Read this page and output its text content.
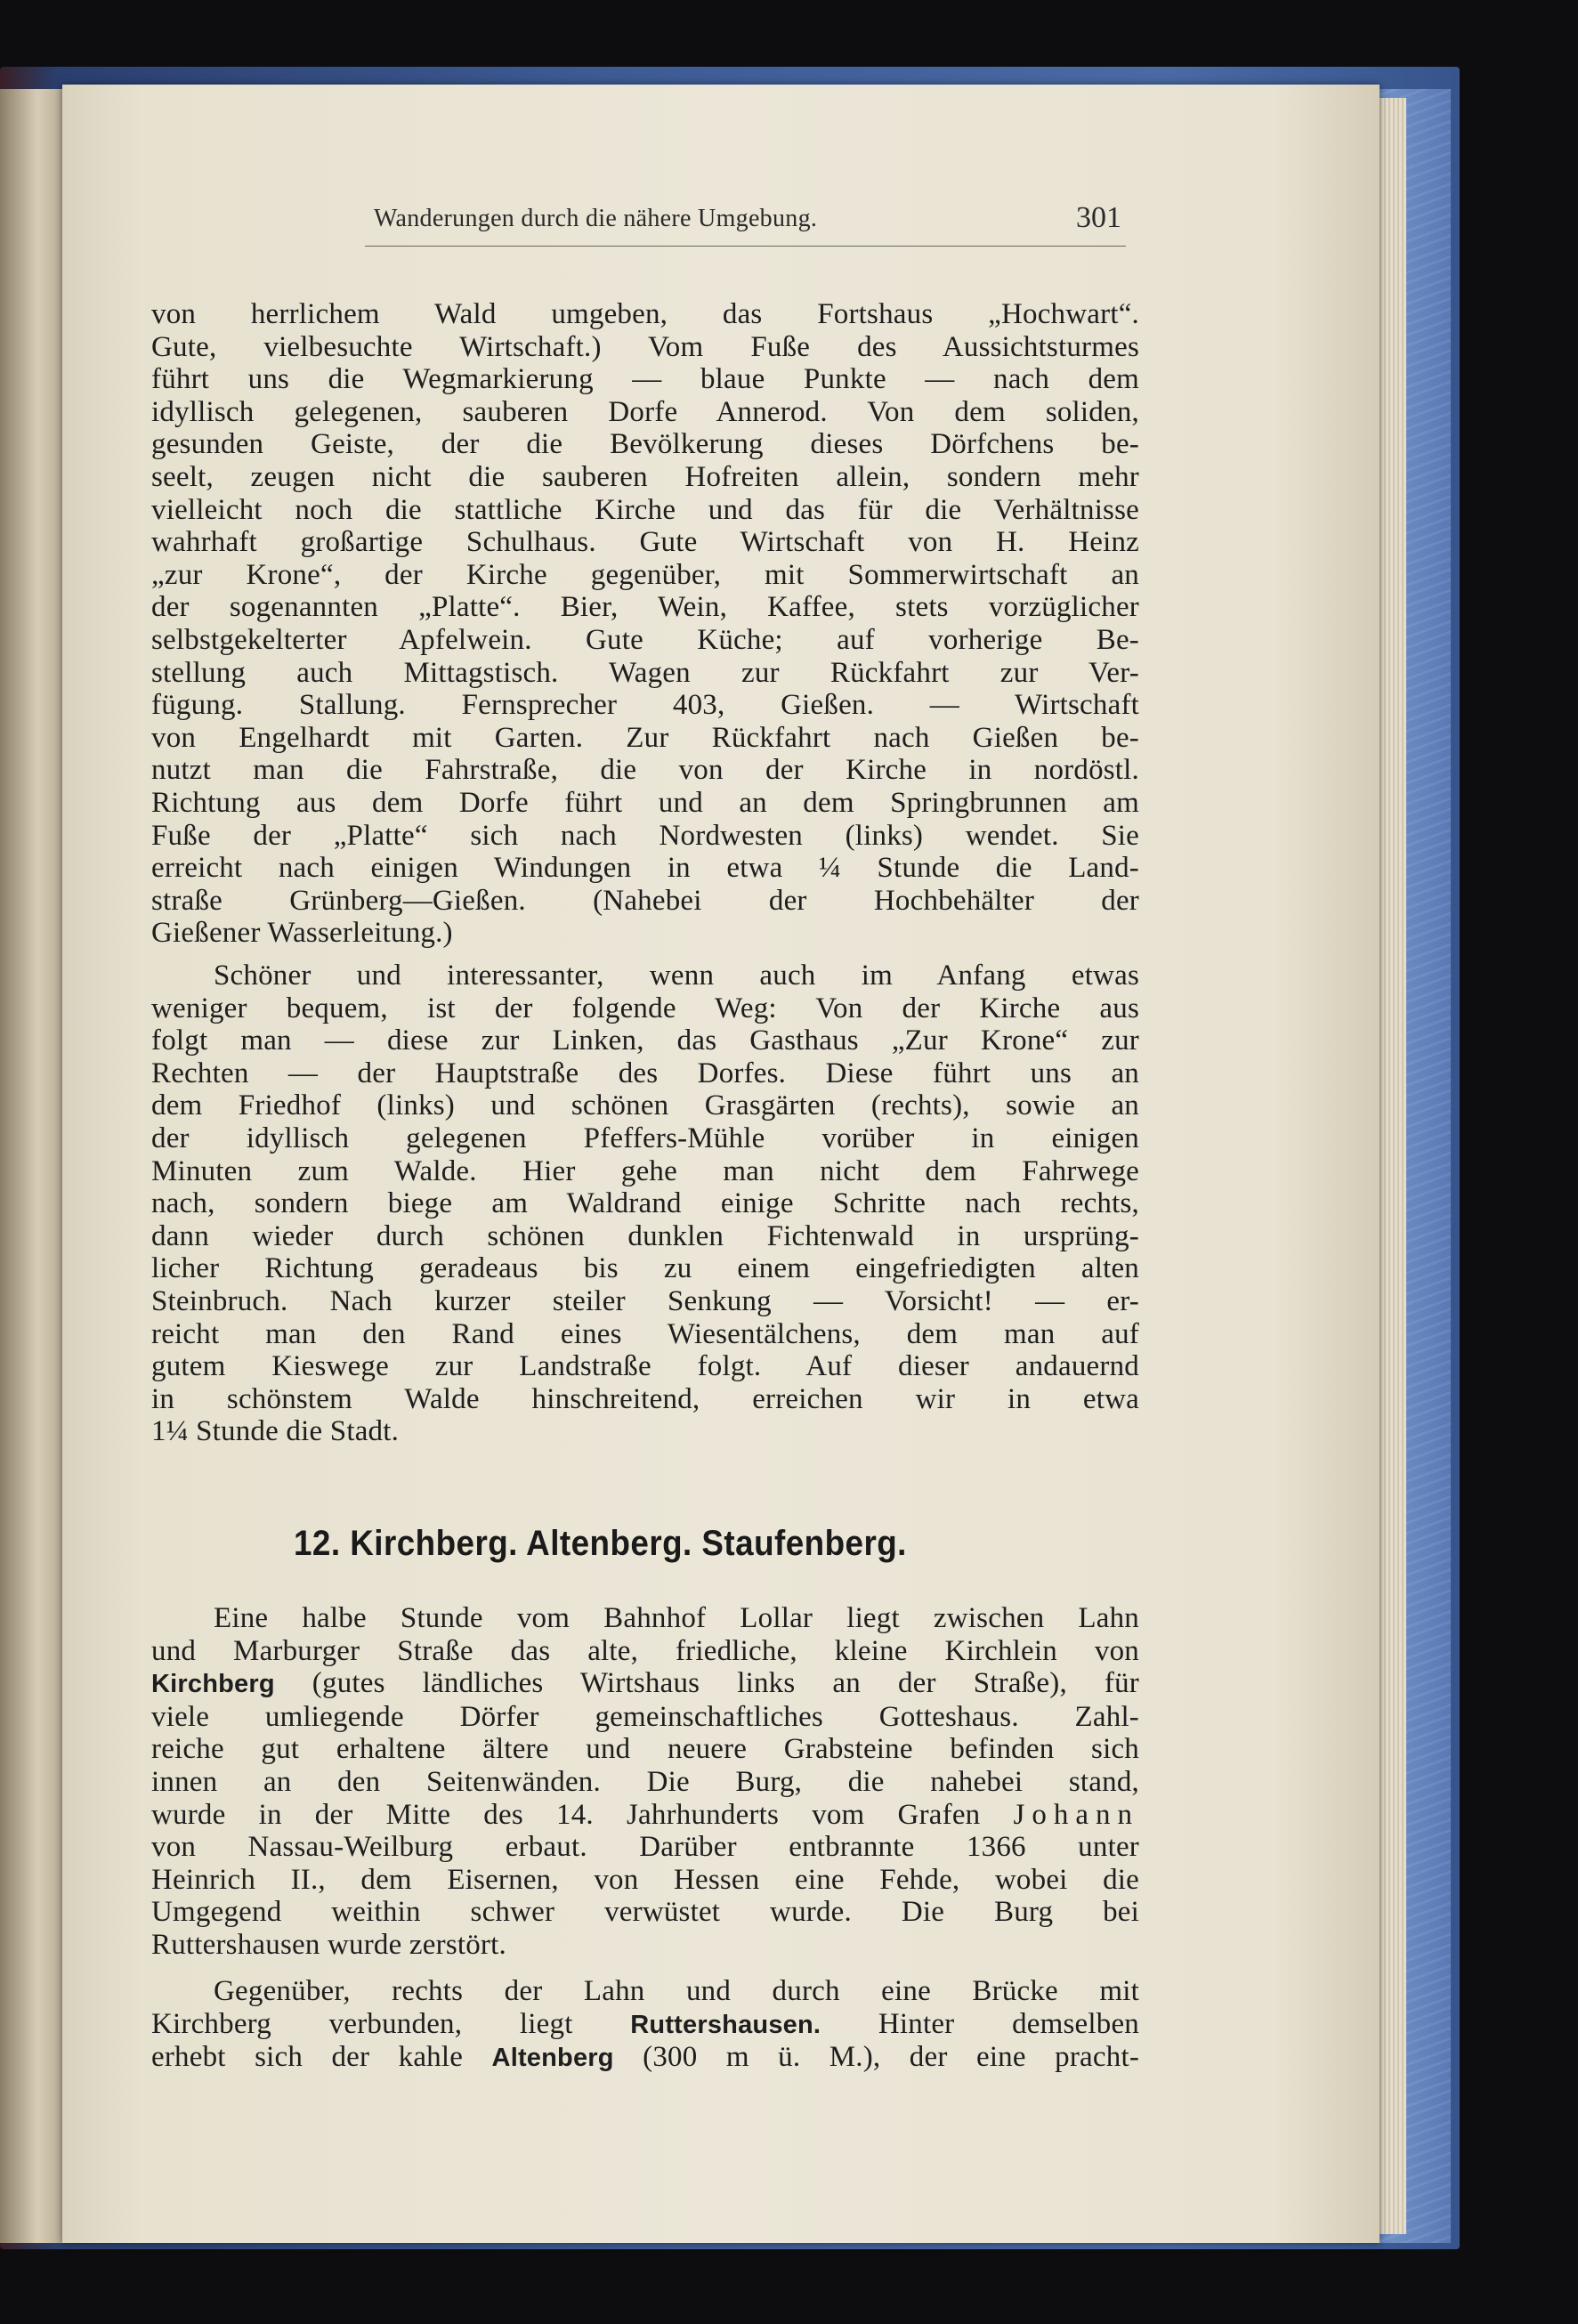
Wanderungen durch die nähere Umgebung.	301
von herrlichem Wald umgeben, das Fortshaus „Hochwart“.
Gute, vielbesuchte Wirtschaft.) Vom Fuße des Aussichtsturmes
führt uns die Wegmarkierung — blaue Punkte — nach dem
idyllisch gelegenen, sauberen Dorfe Annerod. Von dem soliden,
gesunden Geiste, der die Bevölkerung dieses Dörfchens be-
seelt, zeugen nicht die sauberen Hofreiten allein, sondern mehr
vielleicht noch die stattliche Kirche und das für die Verhältnisse
wahrhaft großartige Schulhaus. Gute Wirtschaft von H. Heinz
„zur Krone“, der Kirche gegenüber, mit Sommerwirtschaft an
der sogenannten „Platte“. Bier, Wein, Kaffee, stets vorzüglicher
selbstgekelterter Apfelwein. Gute Küche; auf vorherige Be-
stellung auch Mittagstisch. Wagen zur Rückfahrt zur Ver-
fügung. Stallung. Fernsprecher 403, Gießen. — Wirtschaft
von Engelhardt mit Garten. Zur Rückfahrt nach Gießen be-
nutzt man die Fahrstraße, die von der Kirche in nordöstl.
Richtung aus dem Dorfe führt und an dem Springbrunnen am
Fuße der „Platte“ sich nach Nordwesten (links) wendet. Sie
erreicht nach einigen Windungen in etwa ¼ Stunde die Land-
straße Grünberg—Gießen. (Nahebei der Hochbehälter der
Gießener Wasserleitung.)
Schöner und interessanter, wenn auch im Anfang etwas
weniger bequem, ist der folgende Weg: Von der Kirche aus
folgt man — diese zur Linken, das Gasthaus „Zur Krone“ zur
Rechten — der Hauptstraße des Dorfes. Diese führt uns an
dem Friedhof (links) und schönen Grasgärten (rechts), sowie an
der idyllisch gelegenen Pfeffers-Mühle vorüber in einigen
Minuten zum Walde. Hier gehe man nicht dem Fahrwege
nach, sondern biege am Waldrand einige Schritte nach rechts,
dann wieder durch schönen dunklen Fichtenwald in ursprüng-
licher Richtung geradeaus bis zu einem eingefriedigten alten
Steinbruch. Nach kurzer steiler Senkung — Vorsicht! — er-
reicht man den Rand eines Wiesentälchens, dem man auf
gutem Kieswege zur Landstraße folgt. Auf dieser andauernd
in schönstem Walde hinschreitend, erreichen wir in etwa
1¼ Stunde die Stadt.
12. Kirchberg. Altenberg. Staufenberg.
Eine halbe Stunde vom Bahnhof Lollar liegt zwischen Lahn
und Marburger Straße das alte, friedliche, kleine Kirchlein von
Kirchberg (gutes ländliches Wirtshaus links an der Straße), für
viele umliegende Dörfer gemeinschaftliches Gotteshaus. Zahl-
reiche gut erhaltene ältere und neuere Grabsteine befinden sich
innen an den Seitenwänden. Die Burg, die nahebei stand,
wurde in der Mitte des 14. Jahrhunderts vom Grafen Johann
von Nassau-Weilburg erbaut. Darüber entbrannte 1366 unter
Heinrich II., dem Eisernen, von Hessen eine Fehde, wobei die
Umgegend weithin schwer verwüstet wurde. Die Burg bei
Ruttershausen wurde zerstört.
Gegenüber, rechts der Lahn und durch eine Brücke mit
Kirchberg verbunden, liegt Ruttershausen. Hinter demselben
erhebt sich der kahle Altenberg (300 m ü. M.), der eine pracht-
